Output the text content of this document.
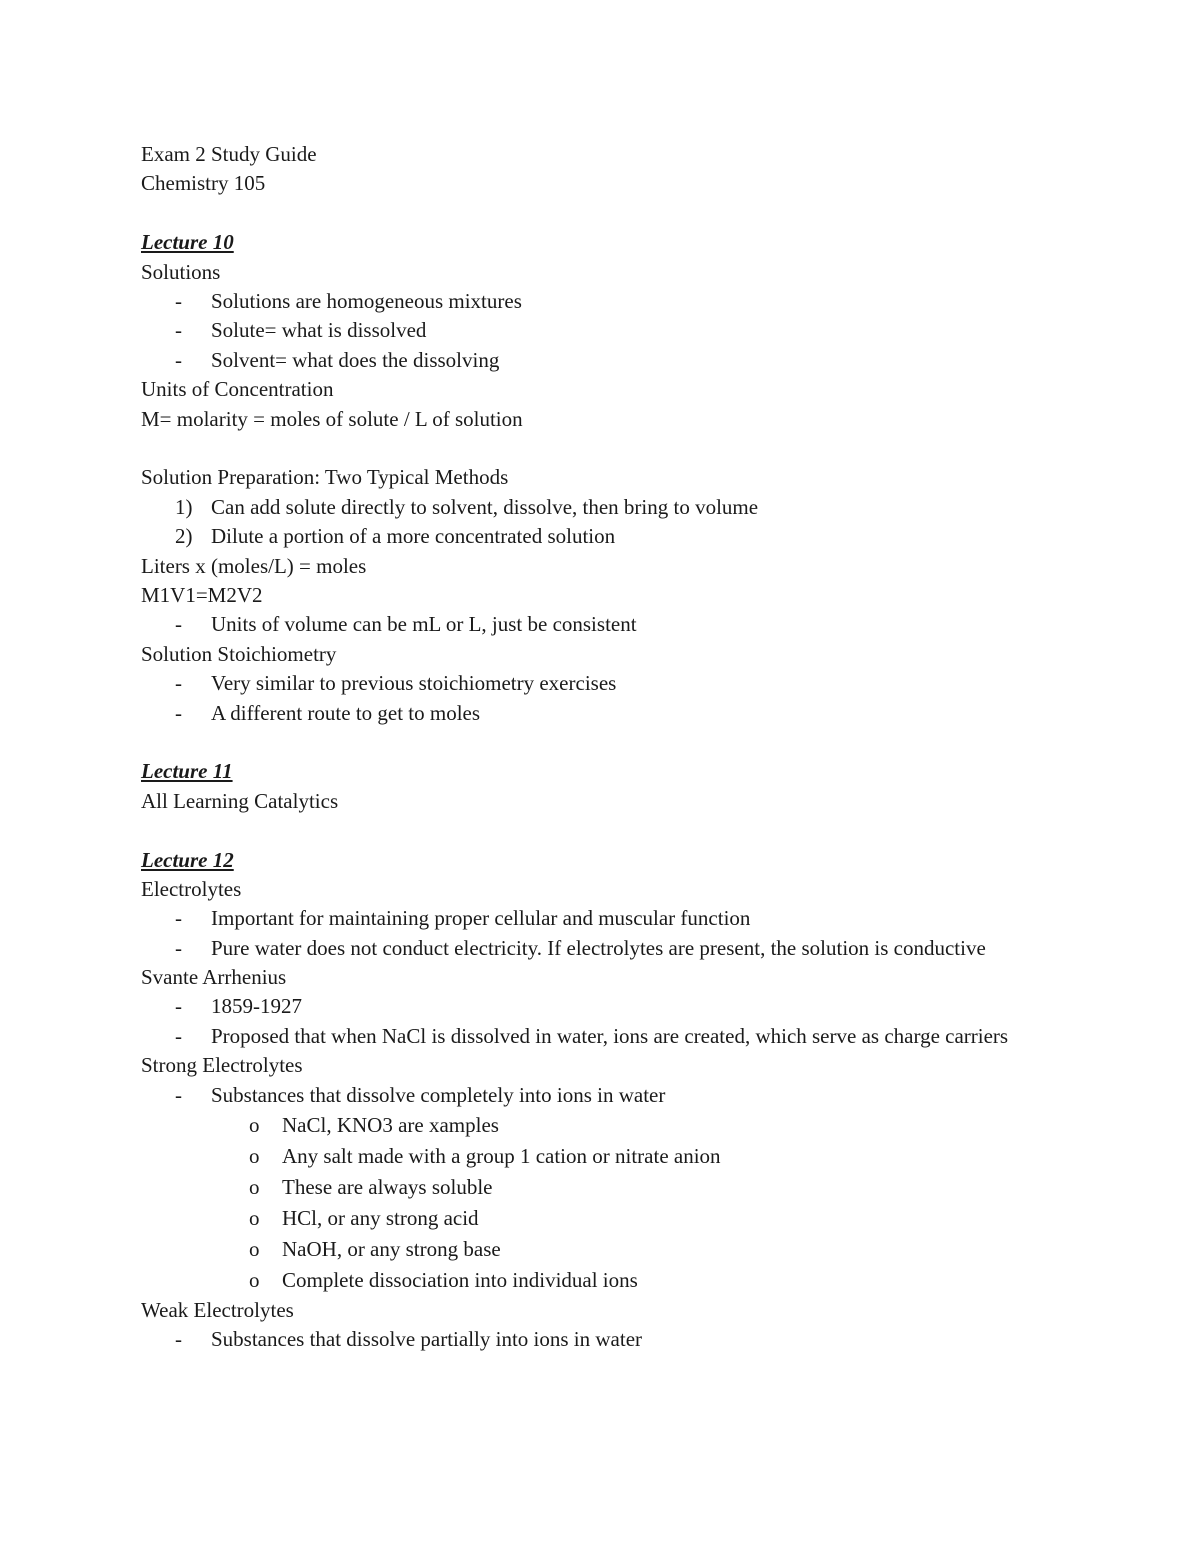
Exam 2 Study Guide
Chemistry 105
Lecture 10
Solutions
- Solutions are homogeneous mixtures
- Solute= what is dissolved
- Solvent= what does the dissolving
Units of Concentration
M= molarity = moles of solute / L of solution
Solution Preparation: Two Typical Methods
1) Can add solute directly to solvent, dissolve, then bring to volume
2) Dilute a portion of a more concentrated solution
Liters x (moles/L) = moles
M1V1=M2V2
- Units of volume can be mL or L, just be consistent
Solution Stoichiometry
- Very similar to previous stoichiometry exercises
- A different route to get to moles
Lecture 11
All Learning Catalytics
Lecture 12
Electrolytes
- Important for maintaining proper cellular and muscular function
- Pure water does not conduct electricity. If electrolytes are present, the solution is conductive
Svante Arrhenius
- 1859-1927
- Proposed that when NaCl is dissolved in water, ions are created, which serve as charge carriers
Strong Electrolytes
- Substances that dissolve completely into ions in water
o NaCl, KNO3 are xamples
o Any salt made with a group 1 cation or nitrate anion
o These are always soluble
o HCl, or any strong acid
o NaOH, or any strong base
o Complete dissociation into individual ions
Weak Electrolytes
- Substances that dissolve partially into ions in water
